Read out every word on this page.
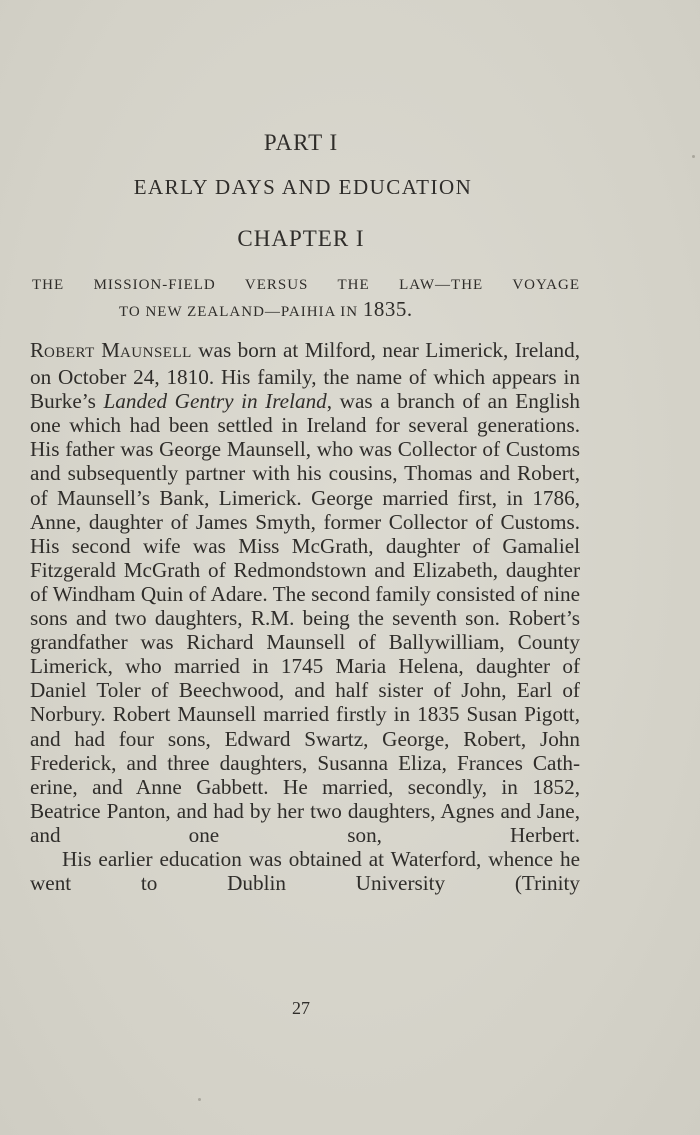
PART I
EARLY DAYS AND EDUCATION
CHAPTER I
THE MISSION-FIELD VERSUS THE LAW—THE VOYAGE
TO NEW ZEALAND—PAIHIA IN 1835.

ROBERT MAUNSELL was born at Milford, near Limerick, Ireland, on October 24, 1810. His family, the name of which appears in Burke’s Landed Gentry in Ireland, was a branch of an English one which had been settled in Ireland for several generations. His father was George Maunsell, who was Collector of Customs and subsequently partner with his cousins, Thomas and Robert, of Maunsell’s Bank, Limerick. George married first, in 1786, Anne, daughter of James Smyth, former Collector of Customs. His second wife was Miss McGrath, daughter of Gamaliel Fitzgerald McGrath of Redmondstown and Elizabeth, daughter of Windham Quin of Adare. The second family consisted of nine sons and two daughters, R.M. being the seventh son. Robert’s grandfather was Richard Maunsell of Ballywilliam, County Limerick, who married in 1745 Maria Helena, daughter of Daniel Toler of Beechwood, and half sister of John, Earl of Norbury. Robert Maunsell married firstly in 1835 Susan Pigott, and had four sons, Edward Swartz, George, Robert, John Frederick, and three daughters, Susanna Eliza, Frances Cath-erine, and Anne Gabbett. He married, secondly, in 1852, Beatrice Panton, and had by her two daughters, Agnes and Jane, and one son, Herbert.

His earlier education was obtained at Waterford, whence he went to Dublin University (Trinity

27
